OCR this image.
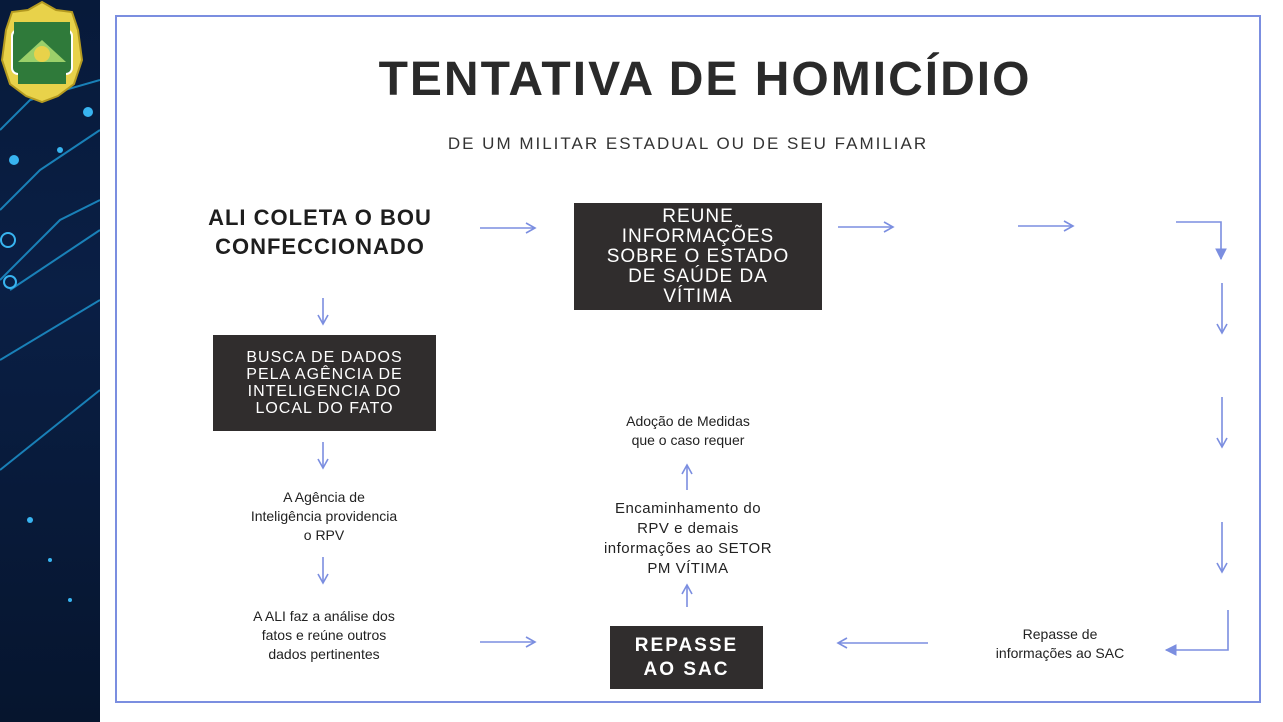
TENTATIVA DE HOMICÍDIO
DE UM MILITAR ESTADUAL OU DE SEU FAMILIAR
ALI COLETA O BOU
CONFECCIONADO
REUNE
INFORMAÇÕES
SOBRE O ESTADO
DE SAÚDE DA
VÍTIMA
BUSCA DE DADOS
PELA AGÊNCIA DE
INTELIGENCIA DO
LOCAL DO FATO
A Agência de
Inteligência providencia
o RPV
A ALI faz a análise dos
fatos e reúne outros
dados pertinentes	REPASSE
AO SAC
Encaminhamento do
RPV e demais
informações ao SETOR
PM VÍTIMA
Adoção de Medidas
que o caso requer
Repasse de
informações ao SAC
